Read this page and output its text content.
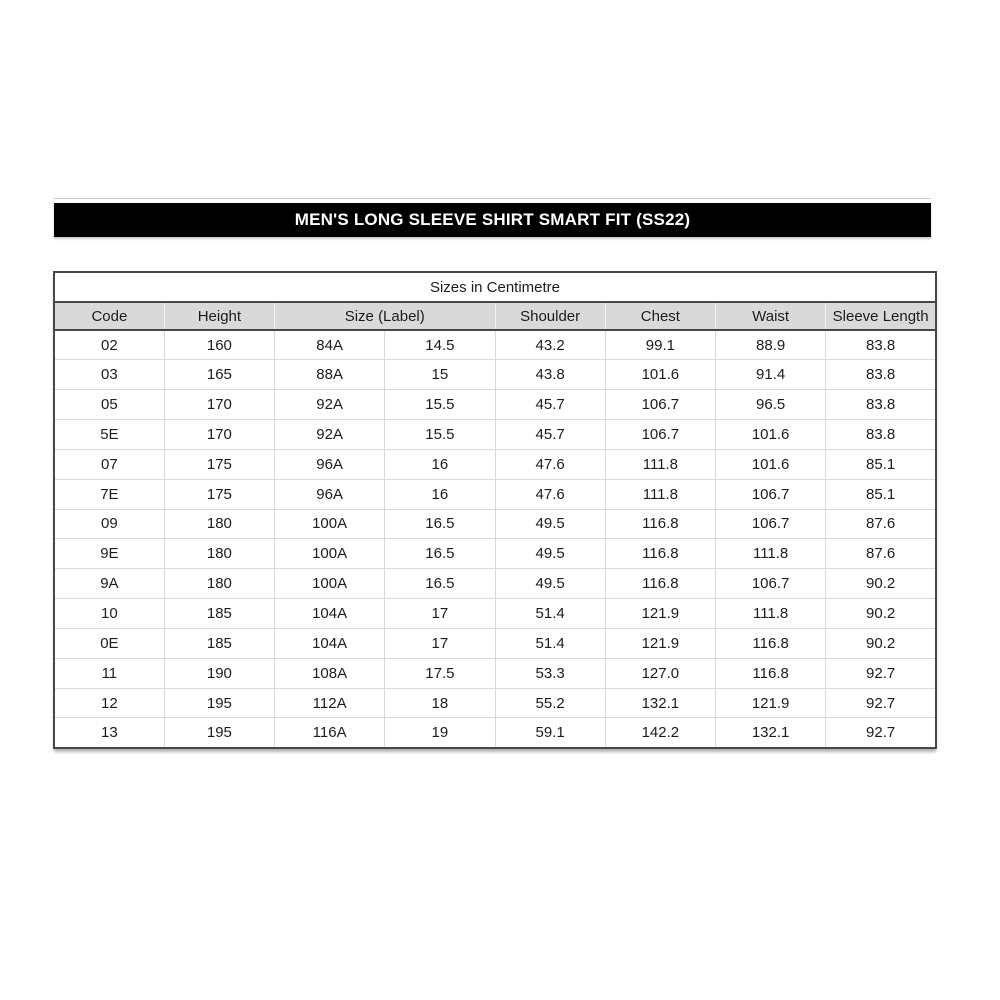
MEN'S LONG SLEEVE SHIRT SMART FIT (SS22)
Sizes in Centimetre							
Code	Height	Size (Label)		Shoulder	Chest	Waist	Sleeve Length
02	160	84A	14.5	43.2	99.1	88.9	83.8
03	165	88A	15	43.8	101.6	91.4	83.8
05	170	92A	15.5	45.7	106.7	96.5	83.8
5E	170	92A	15.5	45.7	106.7	101.6	83.8
07	175	96A	16	47.6	111.8	101.6	85.1
7E	175	96A	16	47.6	111.8	106.7	85.1
09	180	100A	16.5	49.5	116.8	106.7	87.6
9E	180	100A	16.5	49.5	116.8	111.8	87.6
9A	180	100A	16.5	49.5	116.8	106.7	90.2
10	185	104A	17	51.4	121.9	111.8	90.2
0E	185	104A	17	51.4	121.9	116.8	90.2
11	190	108A	17.5	53.3	127.0	116.8	92.7
12	195	112A	18	55.2	132.1	121.9	92.7
13	195	116A	19	59.1	142.2	132.1	92.7
